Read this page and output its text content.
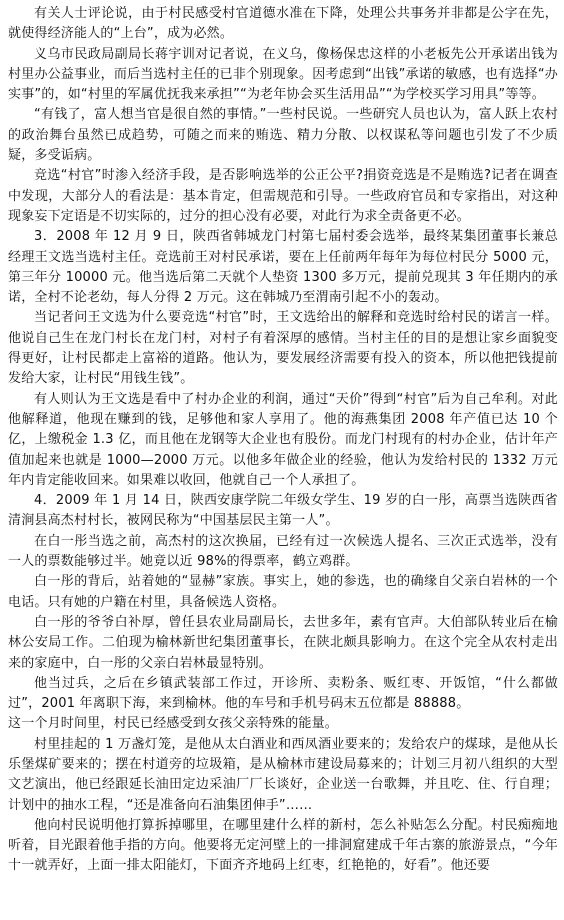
有关人士评论说，由于村民感受村官道德水准在下降，处理公共事务并非都是公字在先，就使得经济能人的“上台”，成为必然。

义乌市民政局副局长蒋宇训对记者说，在义乌，像杨保忠这样的小老板先公开承诺出钱为村里办公益事业，而后当选村主任的已非个别现象。因考虑到“出钱”承诺的敏感，也有选择“办实事”的，如“村里的军属优抚我来承担”“为老年协会买生活用品”“为学校买学习用具”等等。

“有钱了，富人想当官是很自然的事情。”一些村民说。一些研究人员也认为，富人跃上农村的政治舞台虽然已成趋势，可随之而来的贿选、精力分散、以权谋私等问题也引发了不少质疑，多受诟病。

竞选“村官”时渗入经济手段，是否影响选举的公正公平?捐资竞选是不是贿选?记者在调查中发现，大部分人的看法是：基本肯定，但需规范和引导。一些政府官员和专家指出，对这种现象妄下定语是不切实际的，过分的担心没有必要，对此行为求全责备更不必。

3．2008 年 12 月 9 日，陕西省韩城龙门村第七届村委会选举，最终某集团董事长兼总经理王文选当选村主任。竞选前王对村民承诺，要在上任前两年每年为每位村民分 5000 元，第三年分 10000 元。他当选后第二天就个人垫资 1300 多万元，提前兑现其 3 年任期内的承诺，全村不论老幼，每人分得 2 万元。这在韩城乃至渭南引起不小的轰动。

当记者问王文选为什么要竞选“村官”时，王文选给出的解释和竞选时给村民的诺言一样。他说自己生在龙门村长在龙门村，对村子有着深厚的感情。当村主任的目的是想让家乡面貌变得更好，让村民都走上富裕的道路。他认为，要发展经济需要有投入的资本，所以他把钱提前发给大家，让村民“用钱生钱”。

有人则认为王文选是看中了村办企业的利润，通过“天价”得到“村官”后为自己牟利。对此他解释道，他现在赚到的钱，足够他和家人享用了。他的海燕集团 2008 年产值已达 10 个亿，上缴税金 1.3 亿，而且他在龙钢等大企业也有股份。而龙门村现有的村办企业，估计年产值加起来也就是 1000—2000 万元。以他多年做企业的经验，他认为发给村民的 1332 万元年内肯定能收回来。如果难以收回，他就自己一个人承担了。

4．2009 年 1 月 14 日，陕西安康学院二年级女学生、19 岁的白一彤，高票当选陕西省清涧县高杰村村长，被网民称为“中国基层民主第一人”。

在白一彤当选之前，高杰村的这次换届，已经有过一次候选人提名、三次正式选举，没有一人的票数能够过半。她竟以近 98%的得票率，鹤立鸡群。

白一彤的背后，站着她的“显赫”家族。事实上，她的参选，也的确缘自父亲白岩林的一个电话。只有她的户籍在村里，具备候选人资格。

白一彤的爷爷白补厚，曾任县农业局副局长，去世多年，素有官声。大伯部队转业后在榆林公安局工作。二伯现为榆林新世纪集团董事长，在陕北颇具影响力。在这个完全从农村走出来的家庭中，白一彤的父亲白岩林最显特别。

他当过兵，之后在乡镇武装部工作过，开诊所、卖粉条、贩红枣、开饭馆，“什么都做过”，2001 年离职下海，来到榆林。他的车号和手机号码末五位都是 88888。

这一个月时间里，村民已经感受到女孩父亲特殊的能量。

村里挂起的 1 万盏灯笼，是他从太白酒业和西凤酒业要来的；发给农户的煤球，是他从长乐堡煤矿要来的；摆在村道旁的垃圾箱，是从榆林市建设局募来的；计划三月初八组织的大型文艺演出，他已经跟延长油田定边采油厂厂长谈好，企业送一台歌舞，并且吃、住、行自理；计划中的抽水工程，“还是准备向石油集团伸手”……

他向村民说明他打算拆掉哪里，在哪里建什么样的新村，怎么补贴怎么分配。村民痴痴地听着，目光跟着他手指的方向。他要将无定河壁上的一排洞窟建成千年古寨的旅游景点，“今年十一就弄好，上面一排太阳能灯，下面齐齐地码上红枣，红艳艳的，好看”。他还要
